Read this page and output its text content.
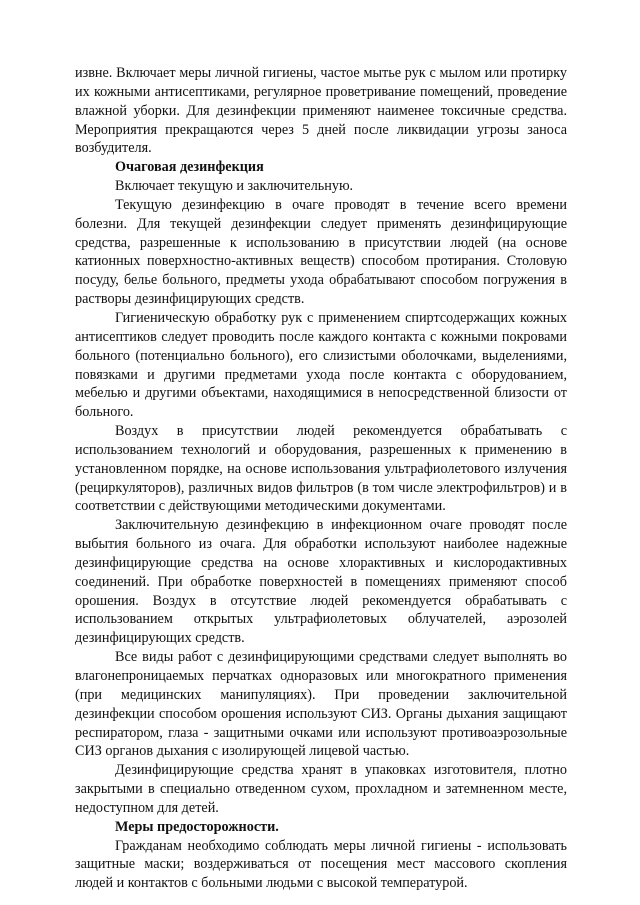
извне. Включает меры личной гигиены, частое мытье рук с мылом или протирку их кожными антисептиками, регулярное проветривание помещений, проведение влажной уборки. Для дезинфекции применяют наименее токсичные средства. Мероприятия прекращаются через 5 дней после ликвидации угрозы заноса возбудителя.

Очаговая дезинфекция

Включает текущую и заключительную.

Текущую дезинфекцию в очаге проводят в течение всего времени болезни. Для текущей дезинфекции следует применять дезинфицирующие средства, разрешенные к использованию в присутствии людей (на основе катионных поверхностно-активных веществ) способом протирания. Столовую посуду, белье больного, предметы ухода обрабатывают способом погружения в растворы дезинфицирующих средств.

Гигиеническую обработку рук с применением спиртсодержащих кожных антисептиков следует проводить после каждого контакта с кожными покровами больного (потенциально больного), его слизистыми оболочками, выделениями, повязками и другими предметами ухода после контакта с оборудованием, мебелью и другими объектами, находящимися в непосредственной близости от больного.

Воздух в присутствии людей рекомендуется обрабатывать с использованием технологий и оборудования, разрешенных к применению в установленном порядке, на основе использования ультрафиолетового излучения (рециркуляторов), различных видов фильтров (в том числе электрофильтров) и в соответствии с действующими методическими документами.

Заключительную дезинфекцию в инфекционном очаге проводят после выбытия больного из очага. Для обработки используют наиболее надежные дезинфицирующие средства на основе хлорактивных и кислородактивных соединений. При обработке поверхностей в помещениях применяют способ орошения. Воздух в отсутствие людей рекомендуется обрабатывать с использованием открытых ультрафиолетовых облучателей, аэрозолей дезинфицирующих средств.

Все виды работ с дезинфицирующими средствами следует выполнять во влагонепроницаемых перчатках одноразовых или многократного применения (при медицинских манипуляциях). При проведении заключительной дезинфекции способом орошения используют СИЗ. Органы дыхания защищают респиратором, глаза - защитными очками или используют противоаэрозольные СИЗ органов дыхания с изолирующей лицевой частью.

Дезинфицирующие средства хранят в упаковках изготовителя, плотно закрытыми в специально отведенном сухом, прохладном и затемненном месте, недоступном для детей.

Меры предосторожности.

Гражданам необходимо соблюдать меры личной гигиены - использовать защитные маски; воздерживаться от посещения мест массового скопления людей и контактов с больными людьми с высокой температурой.
